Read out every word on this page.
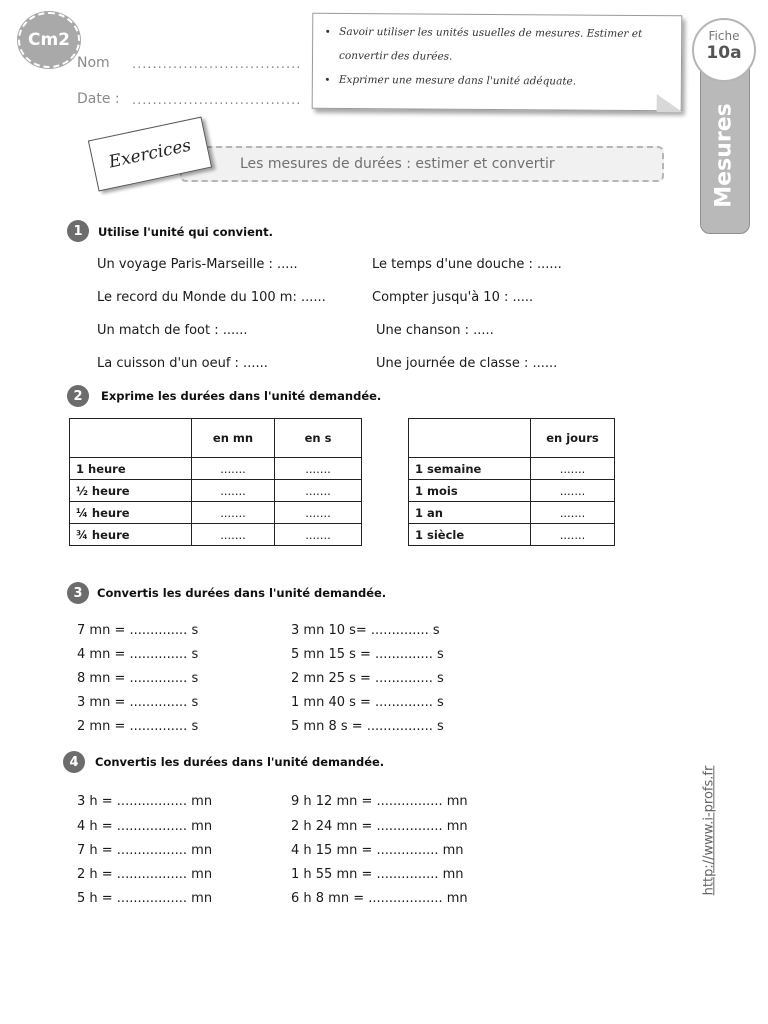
Cm2
Nom .................................
Date : .................................
• Savoir utiliser les unités usuelles de mesures. Estimer et convertir des durées.
• Exprimer une mesure dans l'unité adéquate.
Mesures
Fiche
10a
Les mesures de durées : estimer et convertir
Exercices
1	Utilise l'unité qui convient.
Un voyage Paris-Marseille : .....
Le record du Monde du 100 m: ......
Un match de foot : ......
La cuisson d'un oeuf : ......
Le temps d'une douche : ......
Compter jusqu'à 10 : .....
Une chanson : .....
Une journée de classe : ......
2	Exprime les durées dans l'unité demandée.
	en mn	en s
1 heure	.......	.......
½ heure	.......	.......
¼ heure	.......	.......
¾ heure	.......	.......
	en jours
1 semaine	.......
1 mois	.......
1 an	.......
1 siècle	.......
3	Convertis les durées dans l'unité demandée.
7 mn = .............. s
4 mn = .............. s
8 mn = .............. s
3 mn = .............. s
2 mn = .............. s
3 mn 10 s= .............. s
5 mn 15 s = .............. s
2 mn 25 s = .............. s
1 mn 40 s = .............. s
5 mn 8 s = ................ s
4	Convertis les durées dans l'unité demandée.
3 h = ................. mn
4 h = ................. mn
7 h = ................. mn
2 h = ................. mn
5 h = ................. mn
9 h 12 mn = ................ mn
2 h 24 mn = ................ mn
4 h 15 mn = ............... mn
1 h 55 mn = ............... mn
6 h 8 mn = .................. mn
http://www.i-profs.fr
